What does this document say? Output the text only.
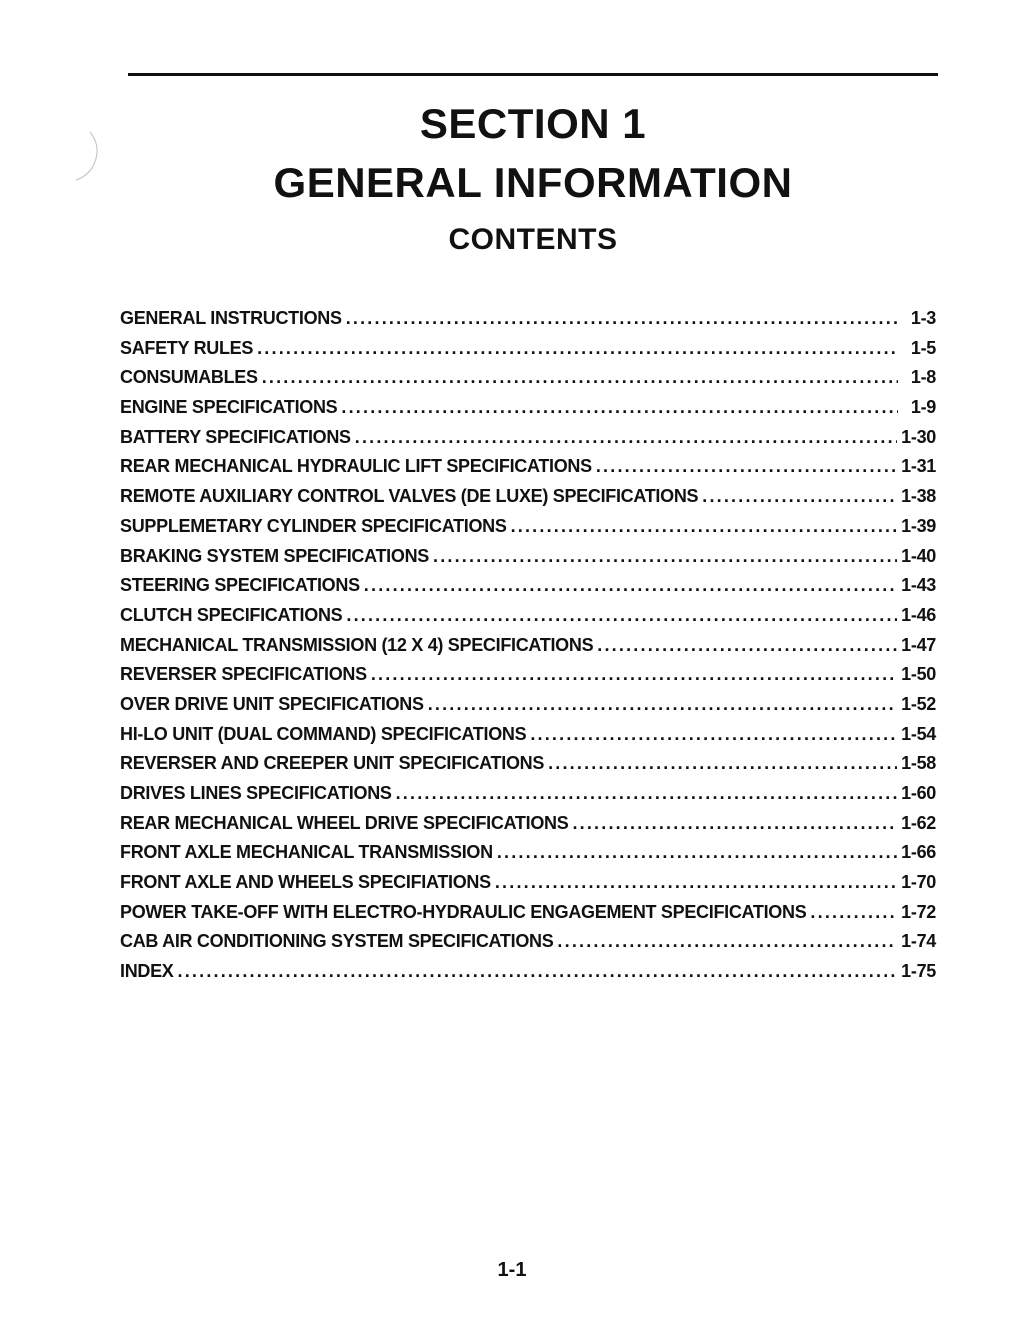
SECTION 1
GENERAL INFORMATION
CONTENTS
GENERAL INSTRUCTIONS .....	1-3
SAFETY RULES .....	1-5
CONSUMABLES .....	1-8
ENGINE SPECIFICATIONS .....	1-9
BATTERY SPECIFICATIONS .....	1-30
REAR MECHANICAL HYDRAULIC LIFT SPECIFICATIONS .....	1-31
REMOTE AUXILIARY CONTROL VALVES (DE LUXE) SPECIFICATIONS .....	1-38
SUPPLEMETARY CYLINDER SPECIFICATIONS .....	1-39
BRAKING SYSTEM SPECIFICATIONS .....	1-40
STEERING SPECIFICATIONS .....	1-43
CLUTCH SPECIFICATIONS .....	1-46
MECHANICAL TRANSMISSION (12 X 4) SPECIFICATIONS .....	1-47
REVERSER SPECIFICATIONS .....	1-50
OVER DRIVE UNIT SPECIFICATIONS .....	1-52
HI-LO UNIT (DUAL COMMAND) SPECIFICATIONS .....	1-54
REVERSER AND CREEPER UNIT SPECIFICATIONS .....	1-58
DRIVES LINES SPECIFICATIONS .....	1-60
REAR MECHANICAL WHEEL DRIVE SPECIFICATIONS .....	1-62
FRONT AXLE MECHANICAL TRANSMISSION .....	1-66
FRONT AXLE AND WHEELS SPECIFIATIONS .....	1-70
POWER TAKE-OFF WITH ELECTRO-HYDRAULIC ENGAGEMENT SPECIFICATIONS .....	1-72
CAB AIR CONDITIONING SYSTEM SPECIFICATIONS .....	1-74
INDEX .....	1-75
1-1
